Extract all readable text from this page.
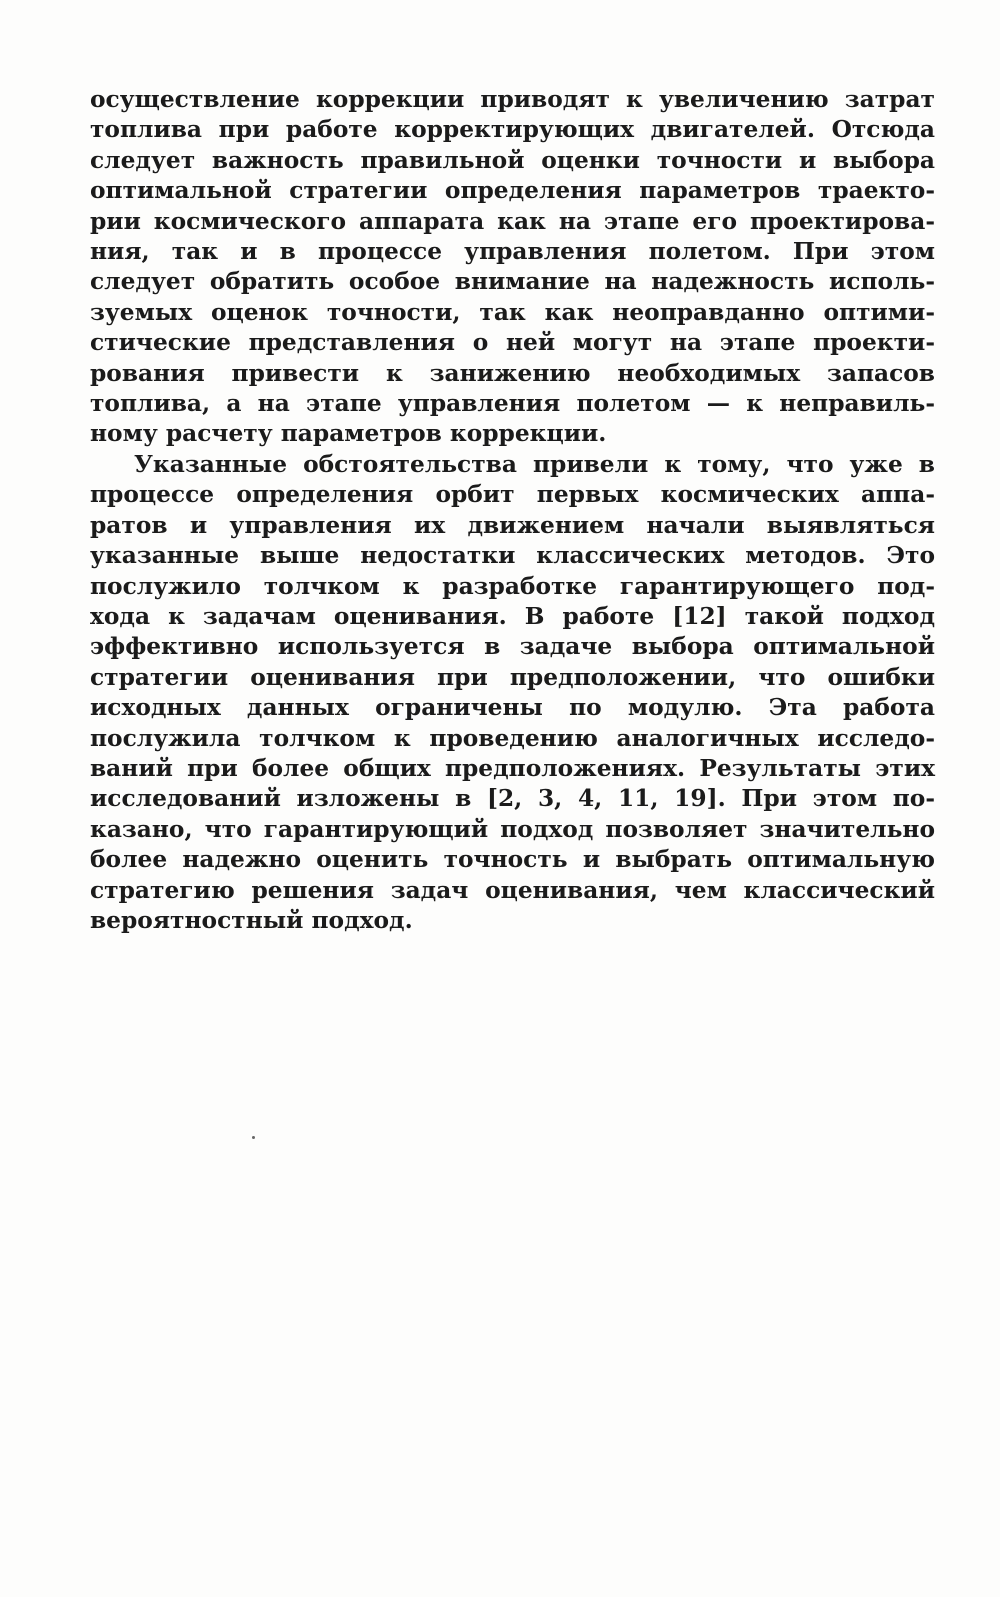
осуществление коррекции приводят к увеличению затрат
топлива при работе корректирующих двигателей. Отсюда
следует важность правильной оценки точности и выбора
оптимальной стратегии определения параметров траекто-
рии космического аппарата как на этапе его проектирова-
ния, так и в процессе управления полетом. При этом
следует обратить особое внимание на надежность исполь-
зуемых оценок точности, так как неоправданно оптими-
стические представления о ней могут на этапе проекти-
рования привести к занижению необходимых запасов
топлива, а на этапе управления полетом — к неправиль-
ному расчету параметров коррекции.

Указанные обстоятельства привели к тому, что уже в
процессе определения орбит первых космических аппа-
ратов и управления их движением начали выявляться
указанные выше недостатки классических методов. Это
послужило толчком к разработке гарантирующего под-
хода к задачам оценивания. В работе [12] такой подход
эффективно используется в задаче выбора оптимальной
стратегии оценивания при предположении, что ошибки
исходных данных ограничены по модулю. Эта работа
послужила толчком к проведению аналогичных исследо-
ваний при более общих предположениях. Результаты этих
исследований изложены в [2, 3, 4, 11, 19]. При этом по-
казано, что гарантирующий подход позволяет значительно
более надежно оценить точность и выбрать оптимальную
стратегию решения задач оценивания, чем классический
вероятностный подход.
